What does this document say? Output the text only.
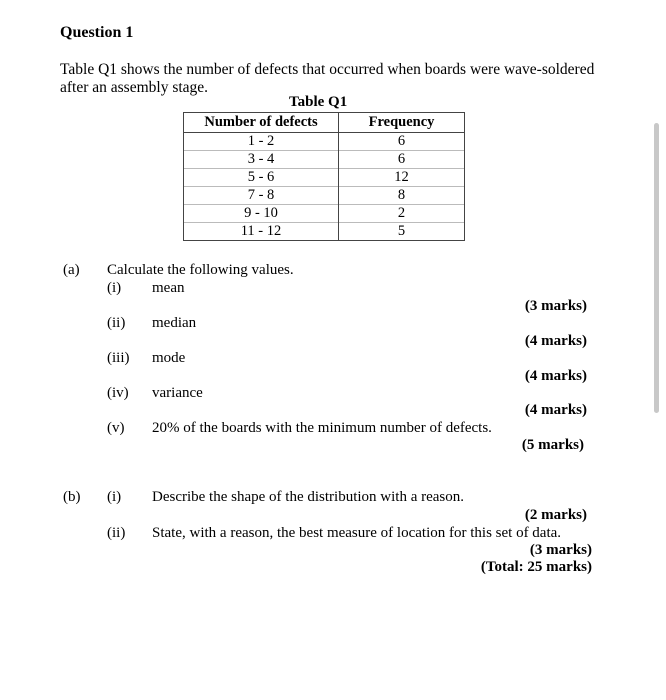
Question 1
Table Q1 shows the number of defects that occurred when boards were wave-soldered after an assembly stage.
Table Q1
Number of defects	Frequency
1 - 2	6
3 - 4	6
5 - 6	12
7 - 8	8
9 - 10	2
11 - 12	5
(a) Calculate the following values.
(i) mean
(3 marks)
(ii) median
(4 marks)
(iii) mode
(4 marks)
(iv) variance
(4 marks)
(v) 20% of the boards with the minimum number of defects.
(5 marks)
(b) (i) Describe the shape of the distribution with a reason.
(2 marks)
(ii) State, with a reason, the best measure of location for this set of data.
(3 marks)
(Total: 25 marks)
